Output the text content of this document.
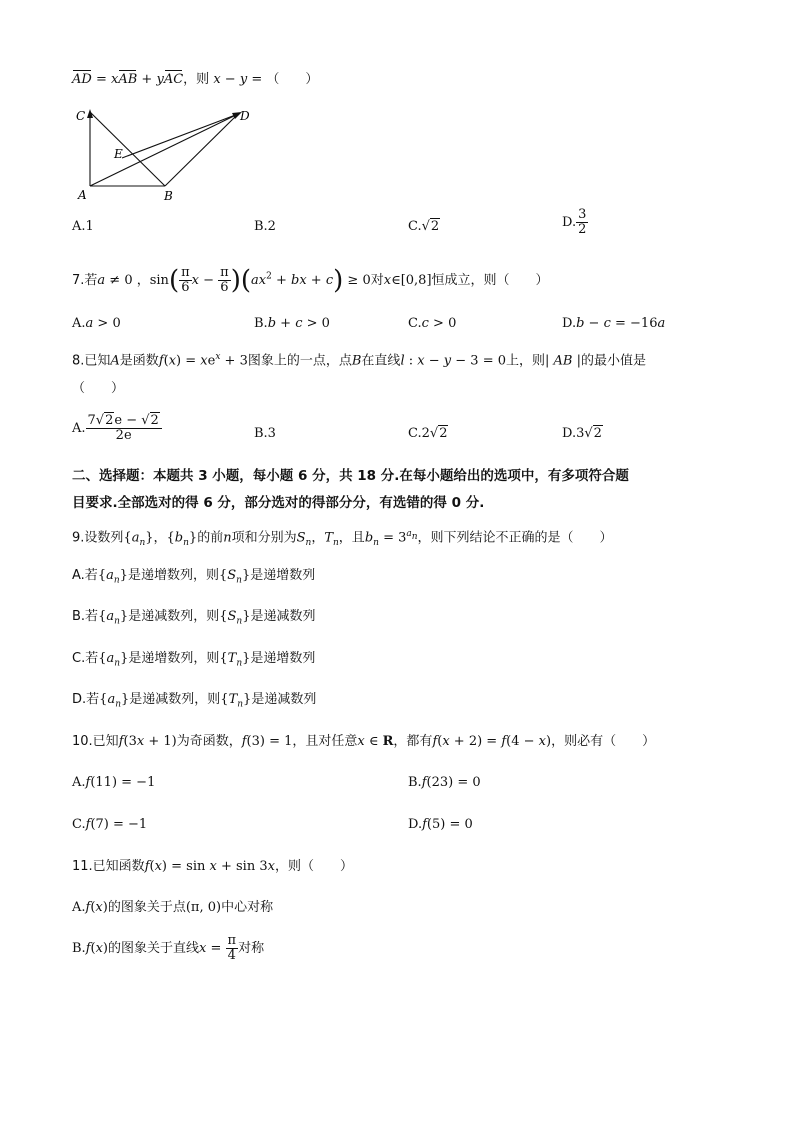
AD = xAB + yAC，则 x − y = （　　）
C
A	B
D
E
A.1	B.2	C.√2	D. $\frac{3}{2}$
7.若a ≠ 0 ，$\sin( \frac{\pi}{6}$ $x - \frac{\pi}{6} )(ax^2$ + bx + c) ≥ 0对x∈[0,8]恒成立，则（　　）
A.a > 0	B.b + c > 0	C.c > 0	D.b − c = −16a
8.已知A是函数$f(x) = xe^x + 3$图象上的一点，点B在直线l : x − y − 3 = 0上，则| AB |的最小值是
（　　）
A. $\frac{7√2e - √2}{2e}$	B.3	C.2√2	D.3√2
二、选择题：本题共 3 小题，每小题 6 分，共 18 分.在每小题给出的选项中，有多项符合题
目要求.全部选对的得 6 分，部分选对的得部分分，有选错的得 0 分.
9.设数列$\{a_n\}$，$\{b_n\}$的前n项和分别为$S_n$，$T_n$，且$b_n = 3^{a_n}$，则下列结论不正确的是（　　）
A.若$\{a_n\}$是递增数列，则$\{S_n\}$是递增数列
B.若$\{a_n\}$是递减数列，则$\{S_n\}$是递减数列
C.若$\{a_n\}$是递增数列，则$\{T_n\}$是递增数列
D.若$\{a_n\}$是递减数列，则$\{T_n\}$是递减数列
10.已知f(3x + 1)为奇函数，f(3) = 1，且对任意x ∈ R，都有f(x + 2) = f(4 − x)，则必有（　　）
A.f(11) = −1	B.f(23) = 0
C.f(7) = −1	D.f(5) = 0
11.已知函数f(x) = sin x + sin 3x，则（　　）
A.f(x)的图象关于点(π, 0)中心对称
B.f(x)的图象关于直线$x = \frac{\pi}{4}$ 对称
